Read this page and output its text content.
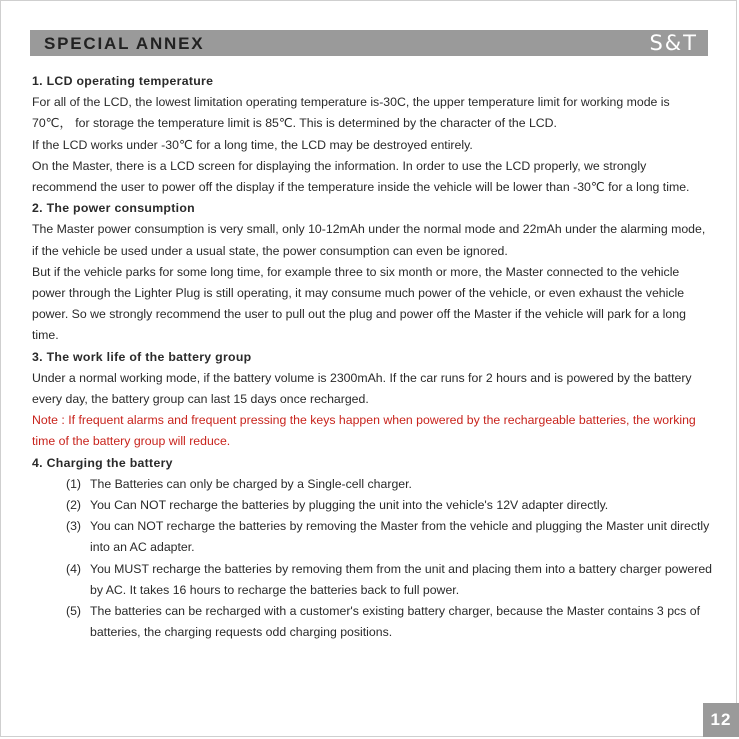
SPECIAL ANNEX	S&T

1. LCD operating temperature

For all of the LCD, the lowest limitation operating temperature is-30C, the upper temperature limit for working mode is 70℃， for storage the temperature limit is 85℃. This is determined by the character of the LCD.

If the LCD works under -30℃ for a long time, the LCD may be destroyed entirely.

On the Master, there is a LCD screen for displaying the information. In order to use the LCD properly, we strongly recommend the user to power off the display if the temperature inside the vehicle will be lower than -30℃ for a long time.

2. The power consumption

The Master power consumption is very small, only 10-12mAh under the normal mode and 22mAh under the alarming mode, if the vehicle be used under a usual state, the power consumption can even be ignored.

But if the vehicle parks for some long time, for example three to six month or more, the Master connected to the vehicle power through the Lighter Plug is still operating, it may consume much power of the vehicle, or even exhaust the vehicle power. So we strongly recommend the user to pull out the plug and power off the Master if the vehicle will park for a long time.

3. The work life of the battery group

Under a normal working mode, if the battery volume is 2300mAh. If the car runs for 2 hours and is powered by the battery every day, the battery group can last 15 days once recharged.

Note : If frequent alarms and frequent pressing the keys happen when powered by the rechargeable batteries, the working time of the battery group will reduce.

4. Charging the battery

(1) The Batteries can only be charged by a Single-cell charger.
(2) You Can NOT recharge the batteries by plugging the unit into the vehicle's 12V adapter directly.
(3) You can NOT recharge the batteries by removing the Master from the vehicle and plugging the Master unit directly into an AC adapter.
(4) You MUST recharge the batteries by removing them from the unit and placing them into a battery charger powered by AC. It takes 16 hours to recharge the batteries back to full power.
(5) The batteries can be recharged with a customer's existing battery charger, because the Master contains 3 pcs of batteries, the charging requests odd charging positions.
12
